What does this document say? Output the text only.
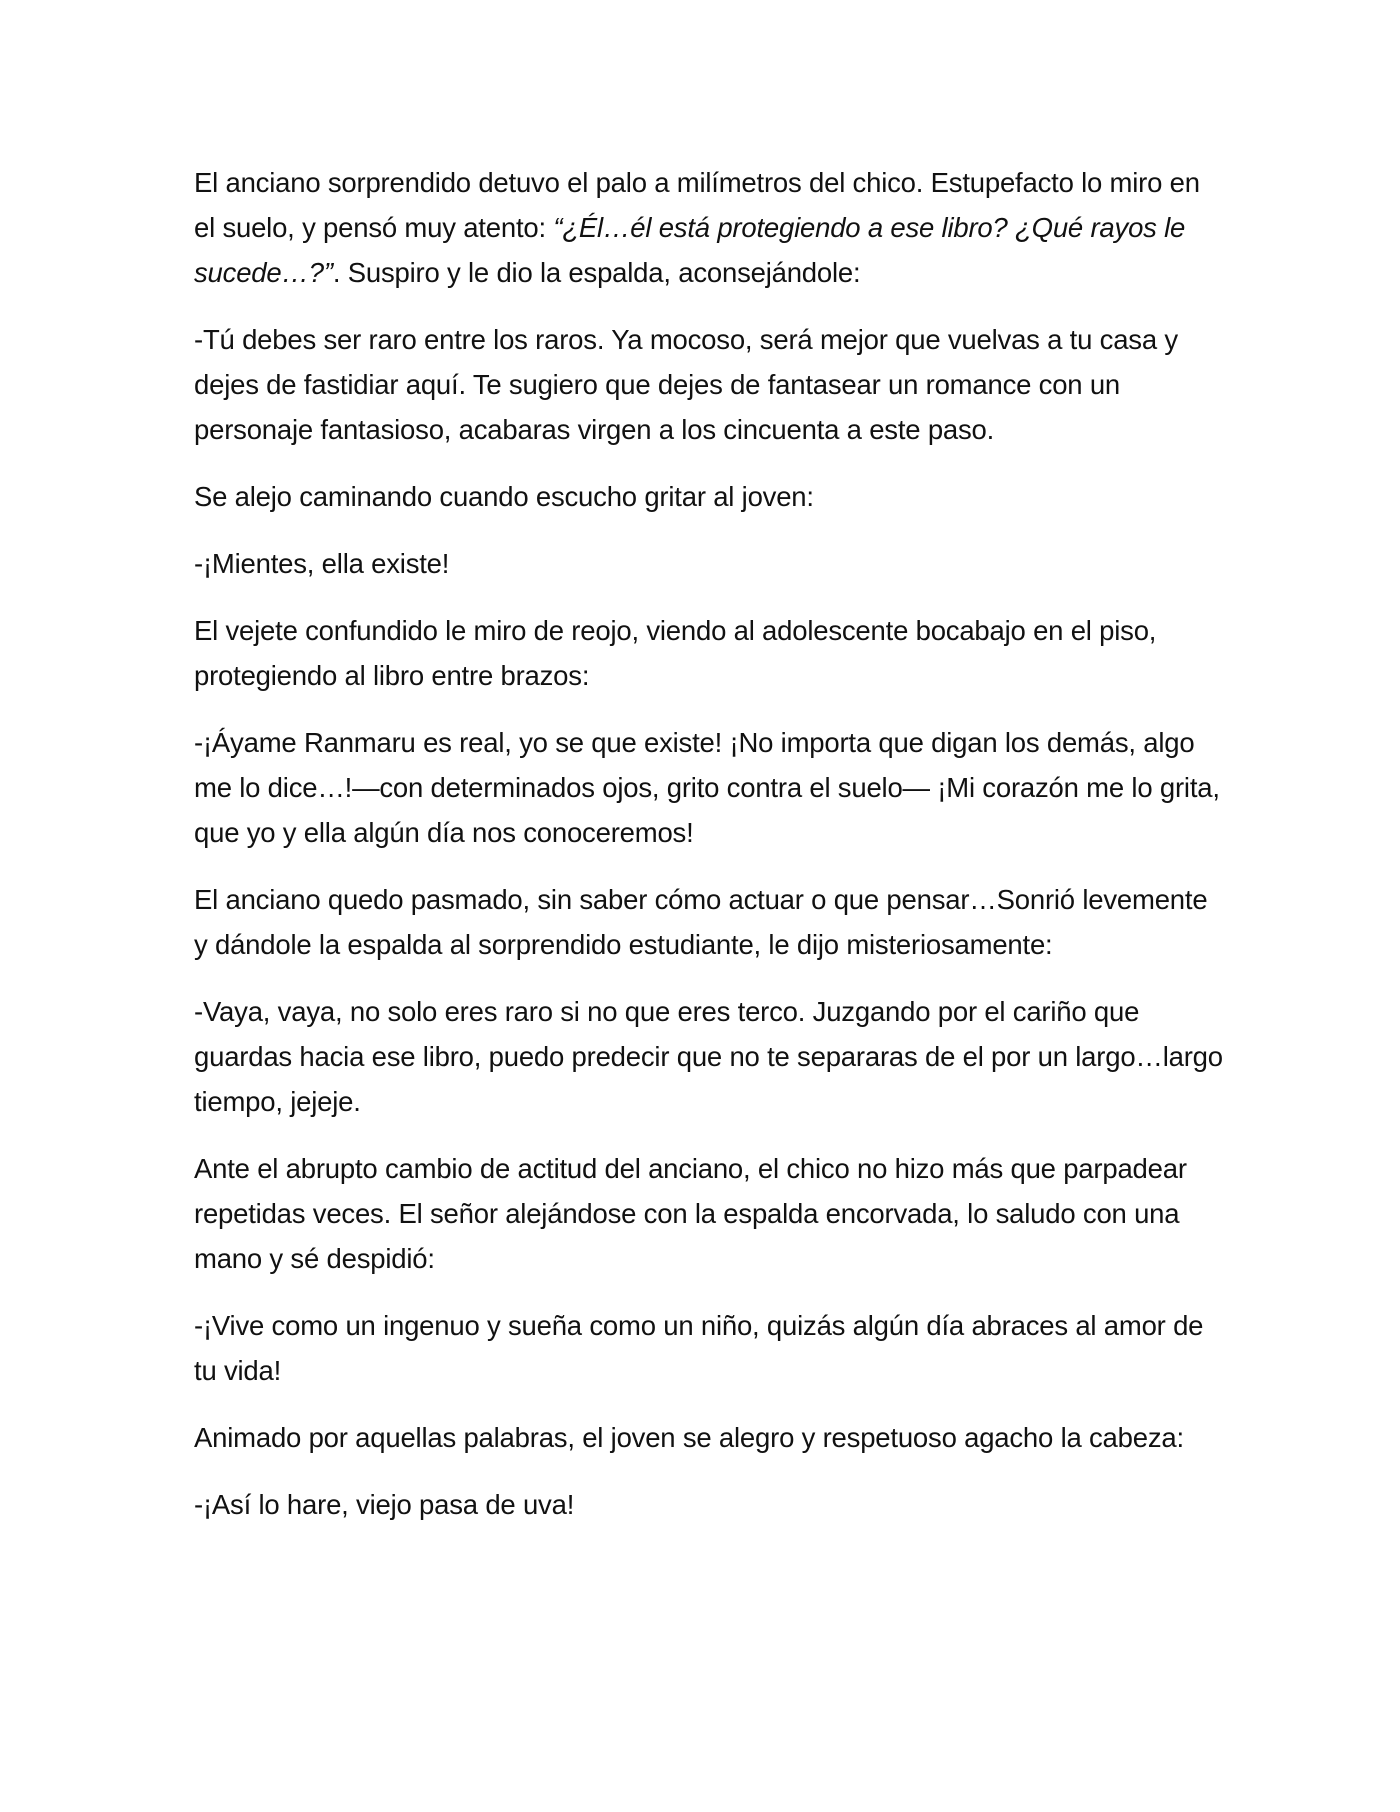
El anciano sorprendido detuvo el palo a milímetros del chico. Estupefacto lo miro en el suelo, y pensó muy atento: “¿Él…él está protegiendo a ese libro? ¿Qué rayos le sucede…?”. Suspiro y le dio la espalda, aconsejándole:

-Tú debes ser raro entre los raros. Ya mocoso, será mejor que vuelvas a tu casa y dejes de fastidiar aquí. Te sugiero que dejes de fantasear un romance con un personaje fantasioso, acabaras virgen a los cincuenta a este paso.

Se alejo caminando cuando escucho gritar al joven:

-¡Mientes, ella existe!

El vejete confundido le miro de reojo, viendo al adolescente bocabajo en el piso, protegiendo al libro entre brazos:

-¡Áyame Ranmaru es real, yo se que existe! ¡No importa que digan los demás, algo me lo dice…!—con determinados ojos, grito contra el suelo— ¡Mi corazón me lo grita, que yo y ella algún día nos conoceremos!

El anciano quedo pasmado, sin saber cómo actuar o que pensar…Sonrió levemente y dándole la espalda al sorprendido estudiante, le dijo misteriosamente:

-Vaya, vaya, no solo eres raro si no que eres terco. Juzgando por el cariño que guardas hacia ese libro, puedo predecir que no te separaras de el por un largo…largo tiempo, jejeje.

Ante el abrupto cambio de actitud del anciano, el chico no hizo más que parpadear repetidas veces. El señor alejándose con la espalda encorvada, lo saludo con una mano y sé despidió:

-¡Vive como un ingenuo y sueña como un niño, quizás algún día abraces al amor de tu vida!

Animado por aquellas palabras, el joven se alegro y respetuoso agacho la cabeza:

-¡Así lo hare, viejo pasa de uva!
